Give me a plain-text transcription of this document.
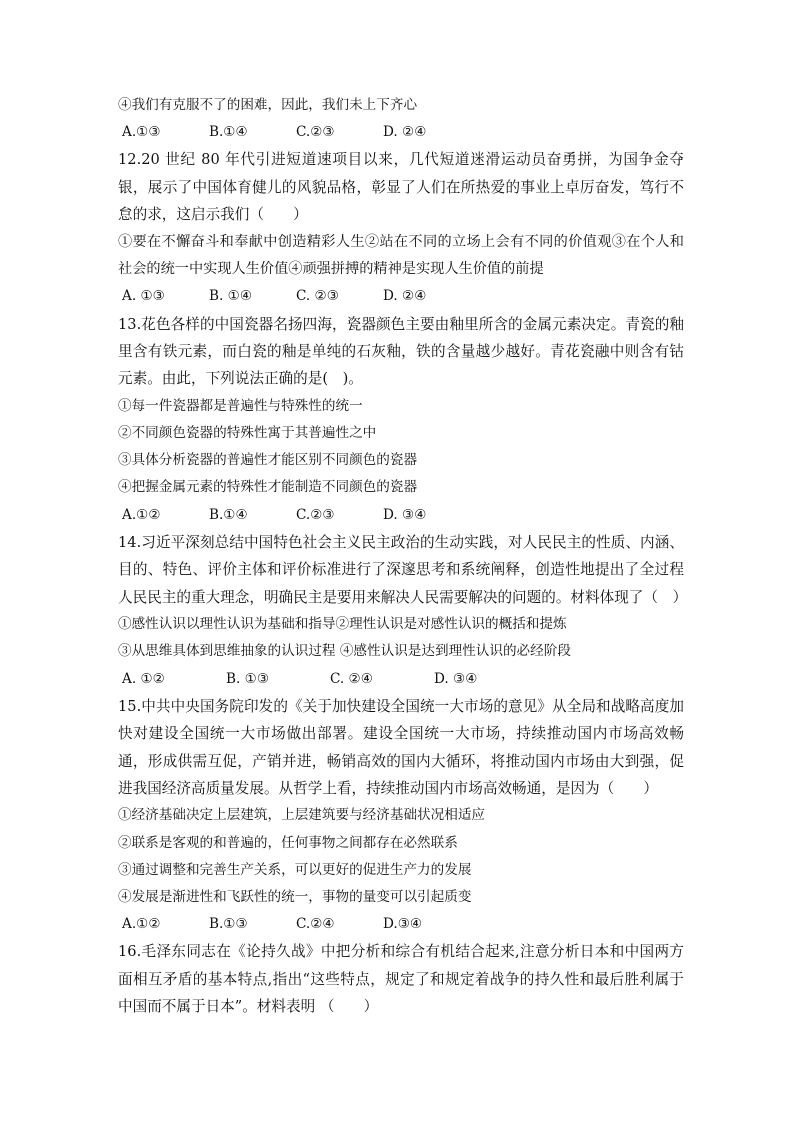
④我们有克服不了的困难，因此，我们未上下齐心
A.①③	B.①④	C.②③	D. ②④
12.20 世纪 80 年代引进短道速项目以来，几代短道迷滑运动员奋勇拼，为国争金夺银，展示了中国体育健儿的风貌品格，彰显了人们在所热爱的事业上卓厉奋发，笃行不怠的求，这启示我们（　　）
①要在不懈奋斗和奉献中创造精彩人生②站在不同的立场上会有不同的价值观③在个人和社会的统一中实现人生价值④顽强拼搏的精神是实现人生价值的前提
A. ①③	B. ①④	C. ②③	D. ②④
13.花色各样的中国瓷器名扬四海，瓷器颜色主要由釉里所含的金属元素决定。青瓷的釉里含有铁元素，而白瓷的釉是单纯的石灰釉，铁的含量越少越好。青花瓷融中则含有钴元素。由此，下列说法正确的是(　)。
①每一件瓷器都是普遍性与特殊性的统一
②不同颜色瓷器的特殊性寓于其普遍性之中
③具体分析瓷器的普遍性才能区别不同颜色的瓷器
④把握金属元素的特殊性才能制造不同颜色的瓷器
A.①②	B.①④	C.②③	D. ③④
14.习近平深刻总结中国特色社会主义民主政治的生动实践，对人民民主的性质、内涵、目的、特色、评价主体和评价标准进行了深邃思考和系统阐释，创造性地提出了全过程人民民主的重大理念，明确民主是要用来解决人民需要解决的问题的。材料体现了（　）
①感性认识以理性认识为基础和指导②理性认识是对感性认识的概括和提炼
③从思维具体到思维抽象的认识过程 ④感性认识是达到理性认识的必经阶段
A. ①②	B. ①③	C. ②④	D. ③④
15.中共中央国务院印发的《关于加快建设全国统一大市场的意见》从全局和战略高度加快对建设全国统一大市场做出部署。建设全国统一大市场，持续推动国内市场高效畅通，形成供需互促，产销并进，畅销高效的国内大循环，将推动国内市场由大到强，促进我国经济高质量发展。从哲学上看，持续推动国内市场高效畅通，是因为（　　）
①经济基础决定上层建筑，上层建筑要与经济基础状况相适应
②联系是客观的和普遍的，任何事物之间都存在必然联系
③通过调整和完善生产关系，可以更好的促进生产力的发展
④发展是渐进性和飞跃性的统一，事物的量变可以引起质变
A.①②	B.①③	C.②④	D.③④
16.毛泽东同志在《论持久战》中把分析和综合有机结合起来,注意分析日本和中国两方面相互矛盾的基本特点,指出“这些特点，规定了和规定着战争的持久性和最后胜利属于中国而不属于日本”。材料表明 （　　）
